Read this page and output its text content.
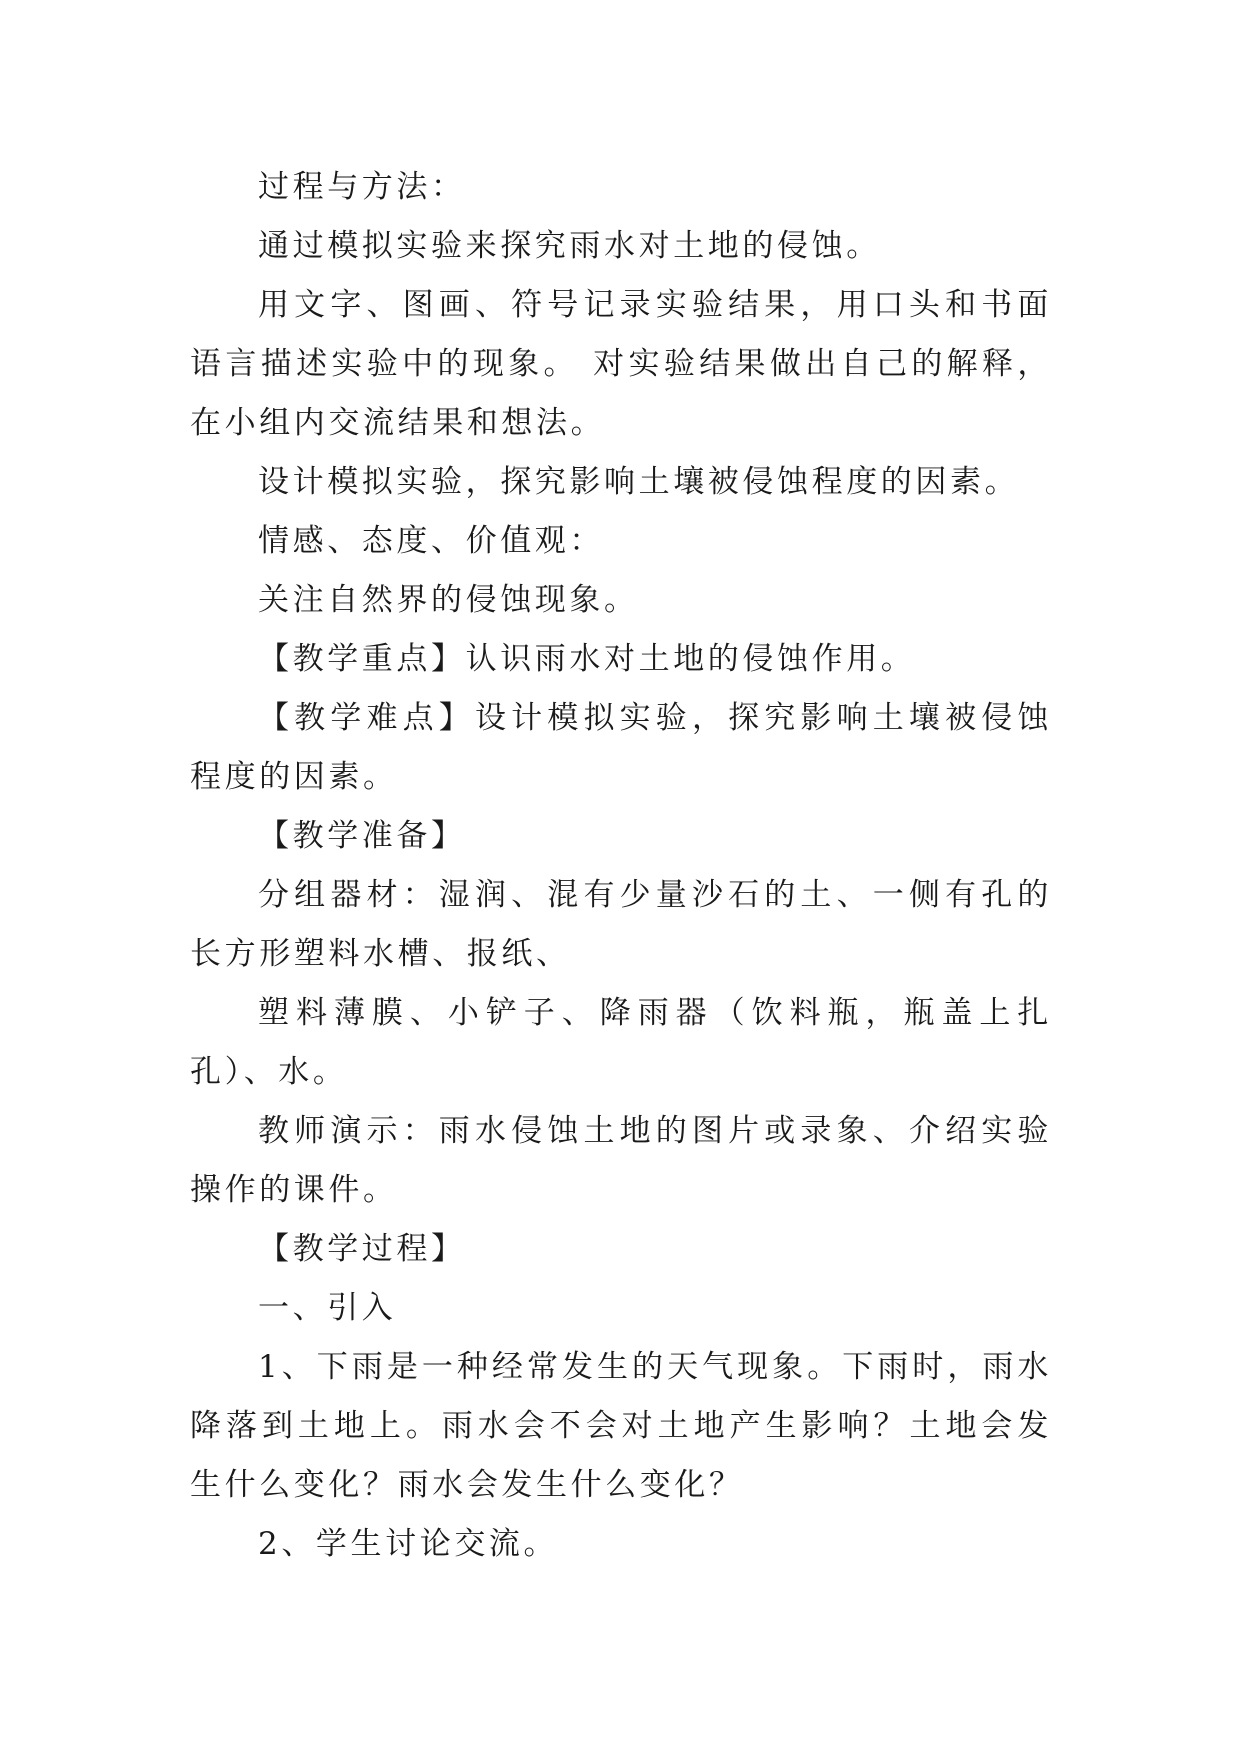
过程与方法：

通过模拟实验来探究雨水对土地的侵蚀。

用文字、图画、符号记录实验结果，用口头和书面语言描述实验中的现象。 对实验结果做出自己的解释，在小组内交流结果和想法。

设计模拟实验，探究影响土壤被侵蚀程度的因素。

情感、态度、价值观：

关注自然界的侵蚀现象。

【教学重点】认识雨水对土地的侵蚀作用。

【教学难点】设计模拟实验，探究影响土壤被侵蚀程度的因素。

【教学准备】

分组器材：湿润、混有少量沙石的土、一侧有孔的长方形塑料水槽、报纸、

塑料薄膜、小铲子、降雨器（饮料瓶，瓶盖上扎孔）、水。

教师演示：雨水侵蚀土地的图片或录象、介绍实验操作的课件。

【教学过程】

一、引入

1、下雨是一种经常发生的天气现象。下雨时，雨水降落到土地上。雨水会不会对土地产生影响？土地会发生什么变化？雨水会发生什么变化？

2、学生讨论交流。
